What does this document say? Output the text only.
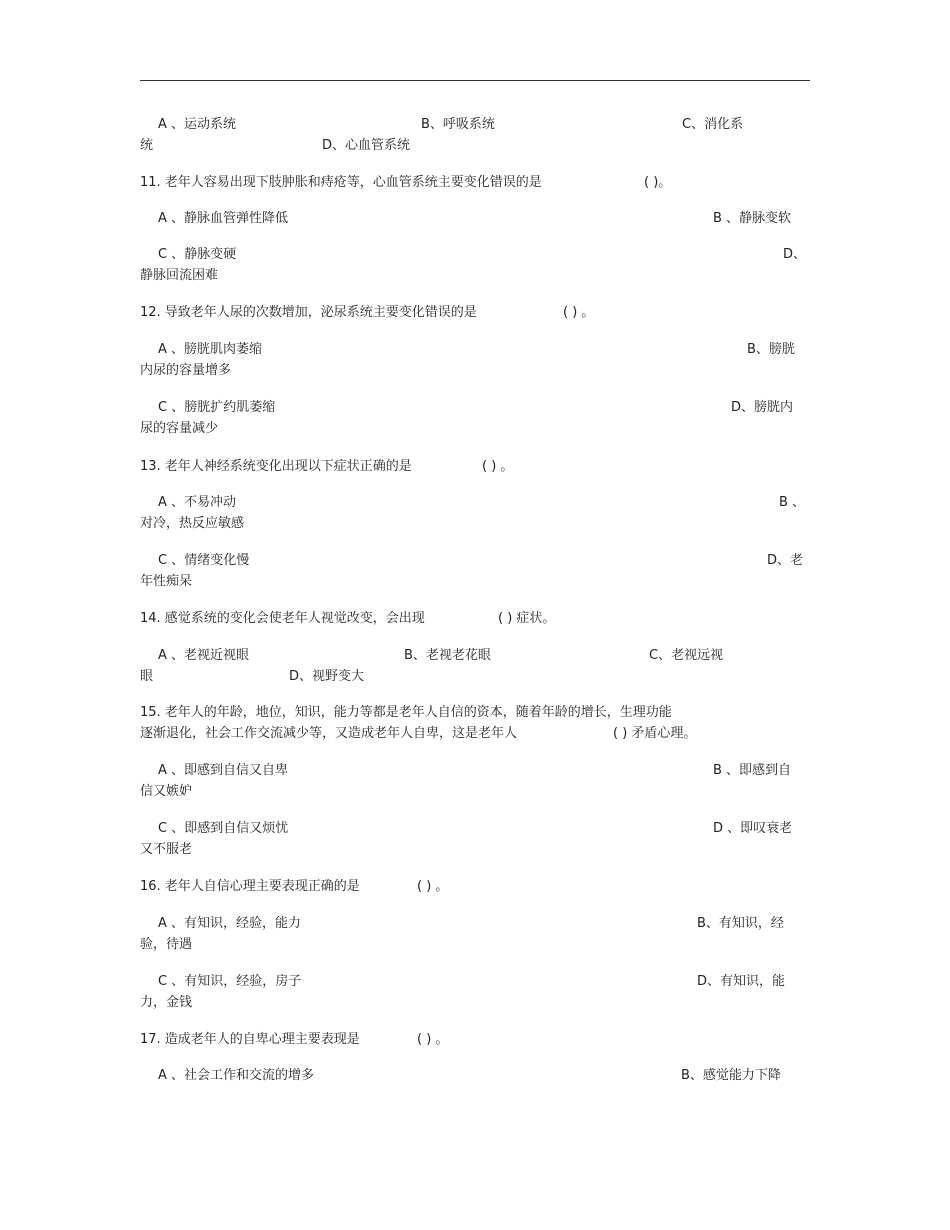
A 、运动系统	B、呼吸系统	C、消化系
统	D、心血管系统
11. 老年人容易出现下肢肿胀和痔疮等，心血管系统主要变化错误的是	( )。
A 、静脉血管弹性降低	B 、静脉变软
C 、静脉变硬	D、
静脉回流困难
12. 导致老年人尿的次数增加，泌尿系统主要变化错误的是	( ) 。
A 、膀胱肌肉萎缩	B、膀胱
内尿的容量增多
C 、膀胱扩约肌萎缩	D、膀胱内
尿的容量减少
13. 老年人神经系统变化出现以下症状正确的是	( ) 。
A 、不易冲动	B 、
对冷，热反应敏感
C 、情绪变化慢	D、老
年性痴呆
14. 感觉系统的变化会使老年人视觉改变，会出现	( ) 症状。
A 、老视近视眼	B、老视老花眼	C、老视远视
眼	D、视野变大
15. 老年人的年龄，地位，知识，能力等都是老年人自信的资本，随着年龄的增长，生理功能
逐渐退化，社会工作交流减少等，又造成老年人自卑，这是老年人	( ) 矛盾心理。
A 、即感到自信又自卑	B 、即感到自
信又嫉妒
C 、即感到自信又烦忧	D 、即叹衰老
又不服老
16. 老年人自信心理主要表现正确的是	( ) 。
A 、有知识，经验，能力	B、有知识，经
验，待遇
C 、有知识，经验，房子	D、有知识，能
力，金钱
17. 造成老年人的自卑心理主要表现是	( ) 。
A 、社会工作和交流的增多	B、感觉能力下降
